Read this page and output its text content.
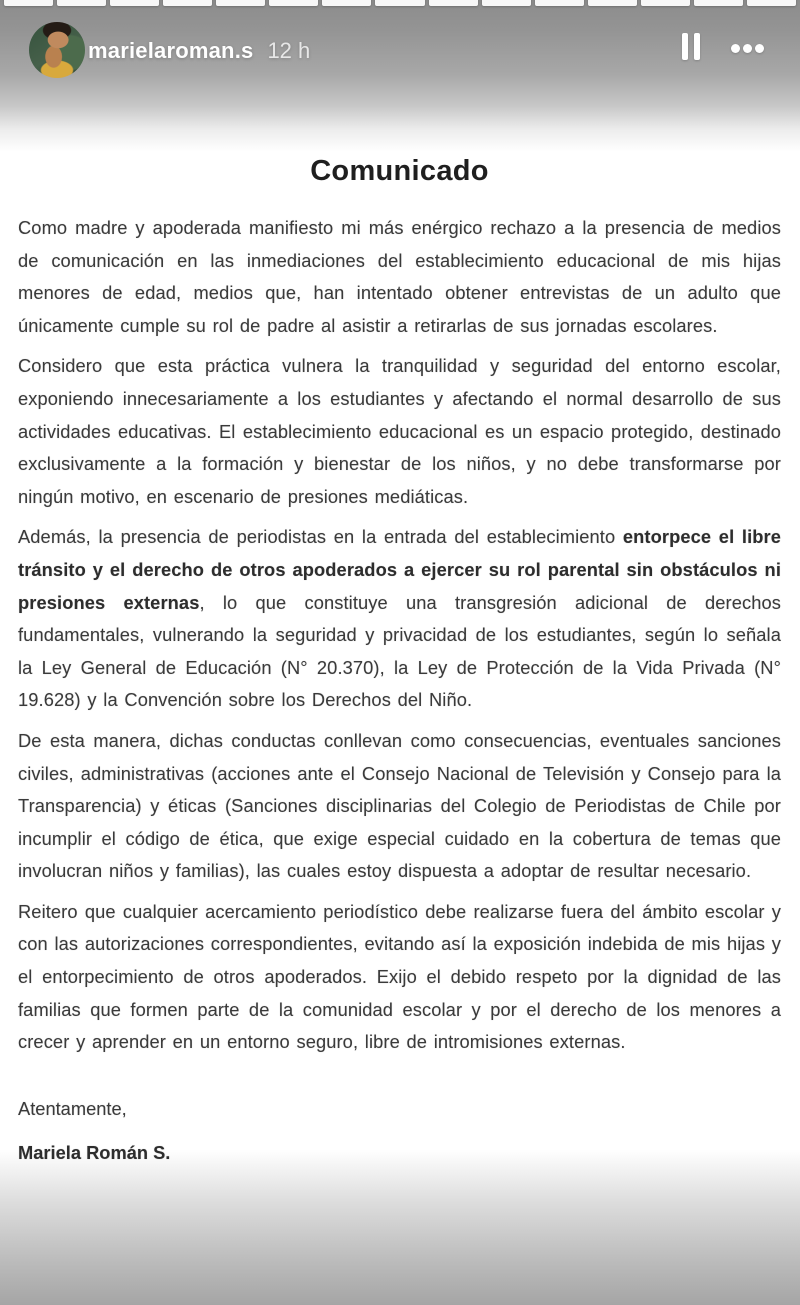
marielaroman.s 12 h
Comunicado

Como madre y apoderada manifiesto mi más enérgico rechazo a la presencia de medios de comunicación en las inmediaciones del establecimiento educacional de mis hijas menores de edad, medios que, han intentado obtener entrevistas de un adulto que únicamente cumple su rol de padre al asistir a retirarlas de sus jornadas escolares.

Considero que esta práctica vulnera la tranquilidad y seguridad del entorno escolar, exponiendo innecesariamente a los estudiantes y afectando el normal desarrollo de sus actividades educativas. El establecimiento educacional es un espacio protegido, destinado exclusivamente a la formación y bienestar de los niños, y no debe transformarse por ningún motivo, en escenario de presiones mediáticas.

Además, la presencia de periodistas en la entrada del establecimiento entorpece el libre tránsito y el derecho de otros apoderados a ejercer su rol parental sin obstáculos ni presiones externas, lo que constituye una transgresión adicional de derechos fundamentales, vulnerando la seguridad y privacidad de los estudiantes, según lo señala la Ley General de Educación (N° 20.370), la Ley de Protección de la Vida Privada (N° 19.628) y la Convención sobre los Derechos del Niño.

De esta manera, dichas conductas conllevan como consecuencias, eventuales sanciones civiles, administrativas (acciones ante el Consejo Nacional de Televisión y Consejo para la Transparencia) y éticas (Sanciones disciplinarias del Colegio de Periodistas de Chile por incumplir el código de ética, que exige especial cuidado en la cobertura de temas que involucran niños y familias), las cuales estoy dispuesta a adoptar de resultar necesario.

Reitero que cualquier acercamiento periodístico debe realizarse fuera del ámbito escolar y con las autorizaciones correspondientes, evitando así la exposición indebida de mis hijas y el entorpecimiento de otros apoderados. Exijo el debido respeto por la dignidad de las familias que formen parte de la comunidad escolar y por el derecho de los menores a crecer y aprender en un entorno seguro, libre de intromisiones externas.

Atentamente,

Mariela Román S.
